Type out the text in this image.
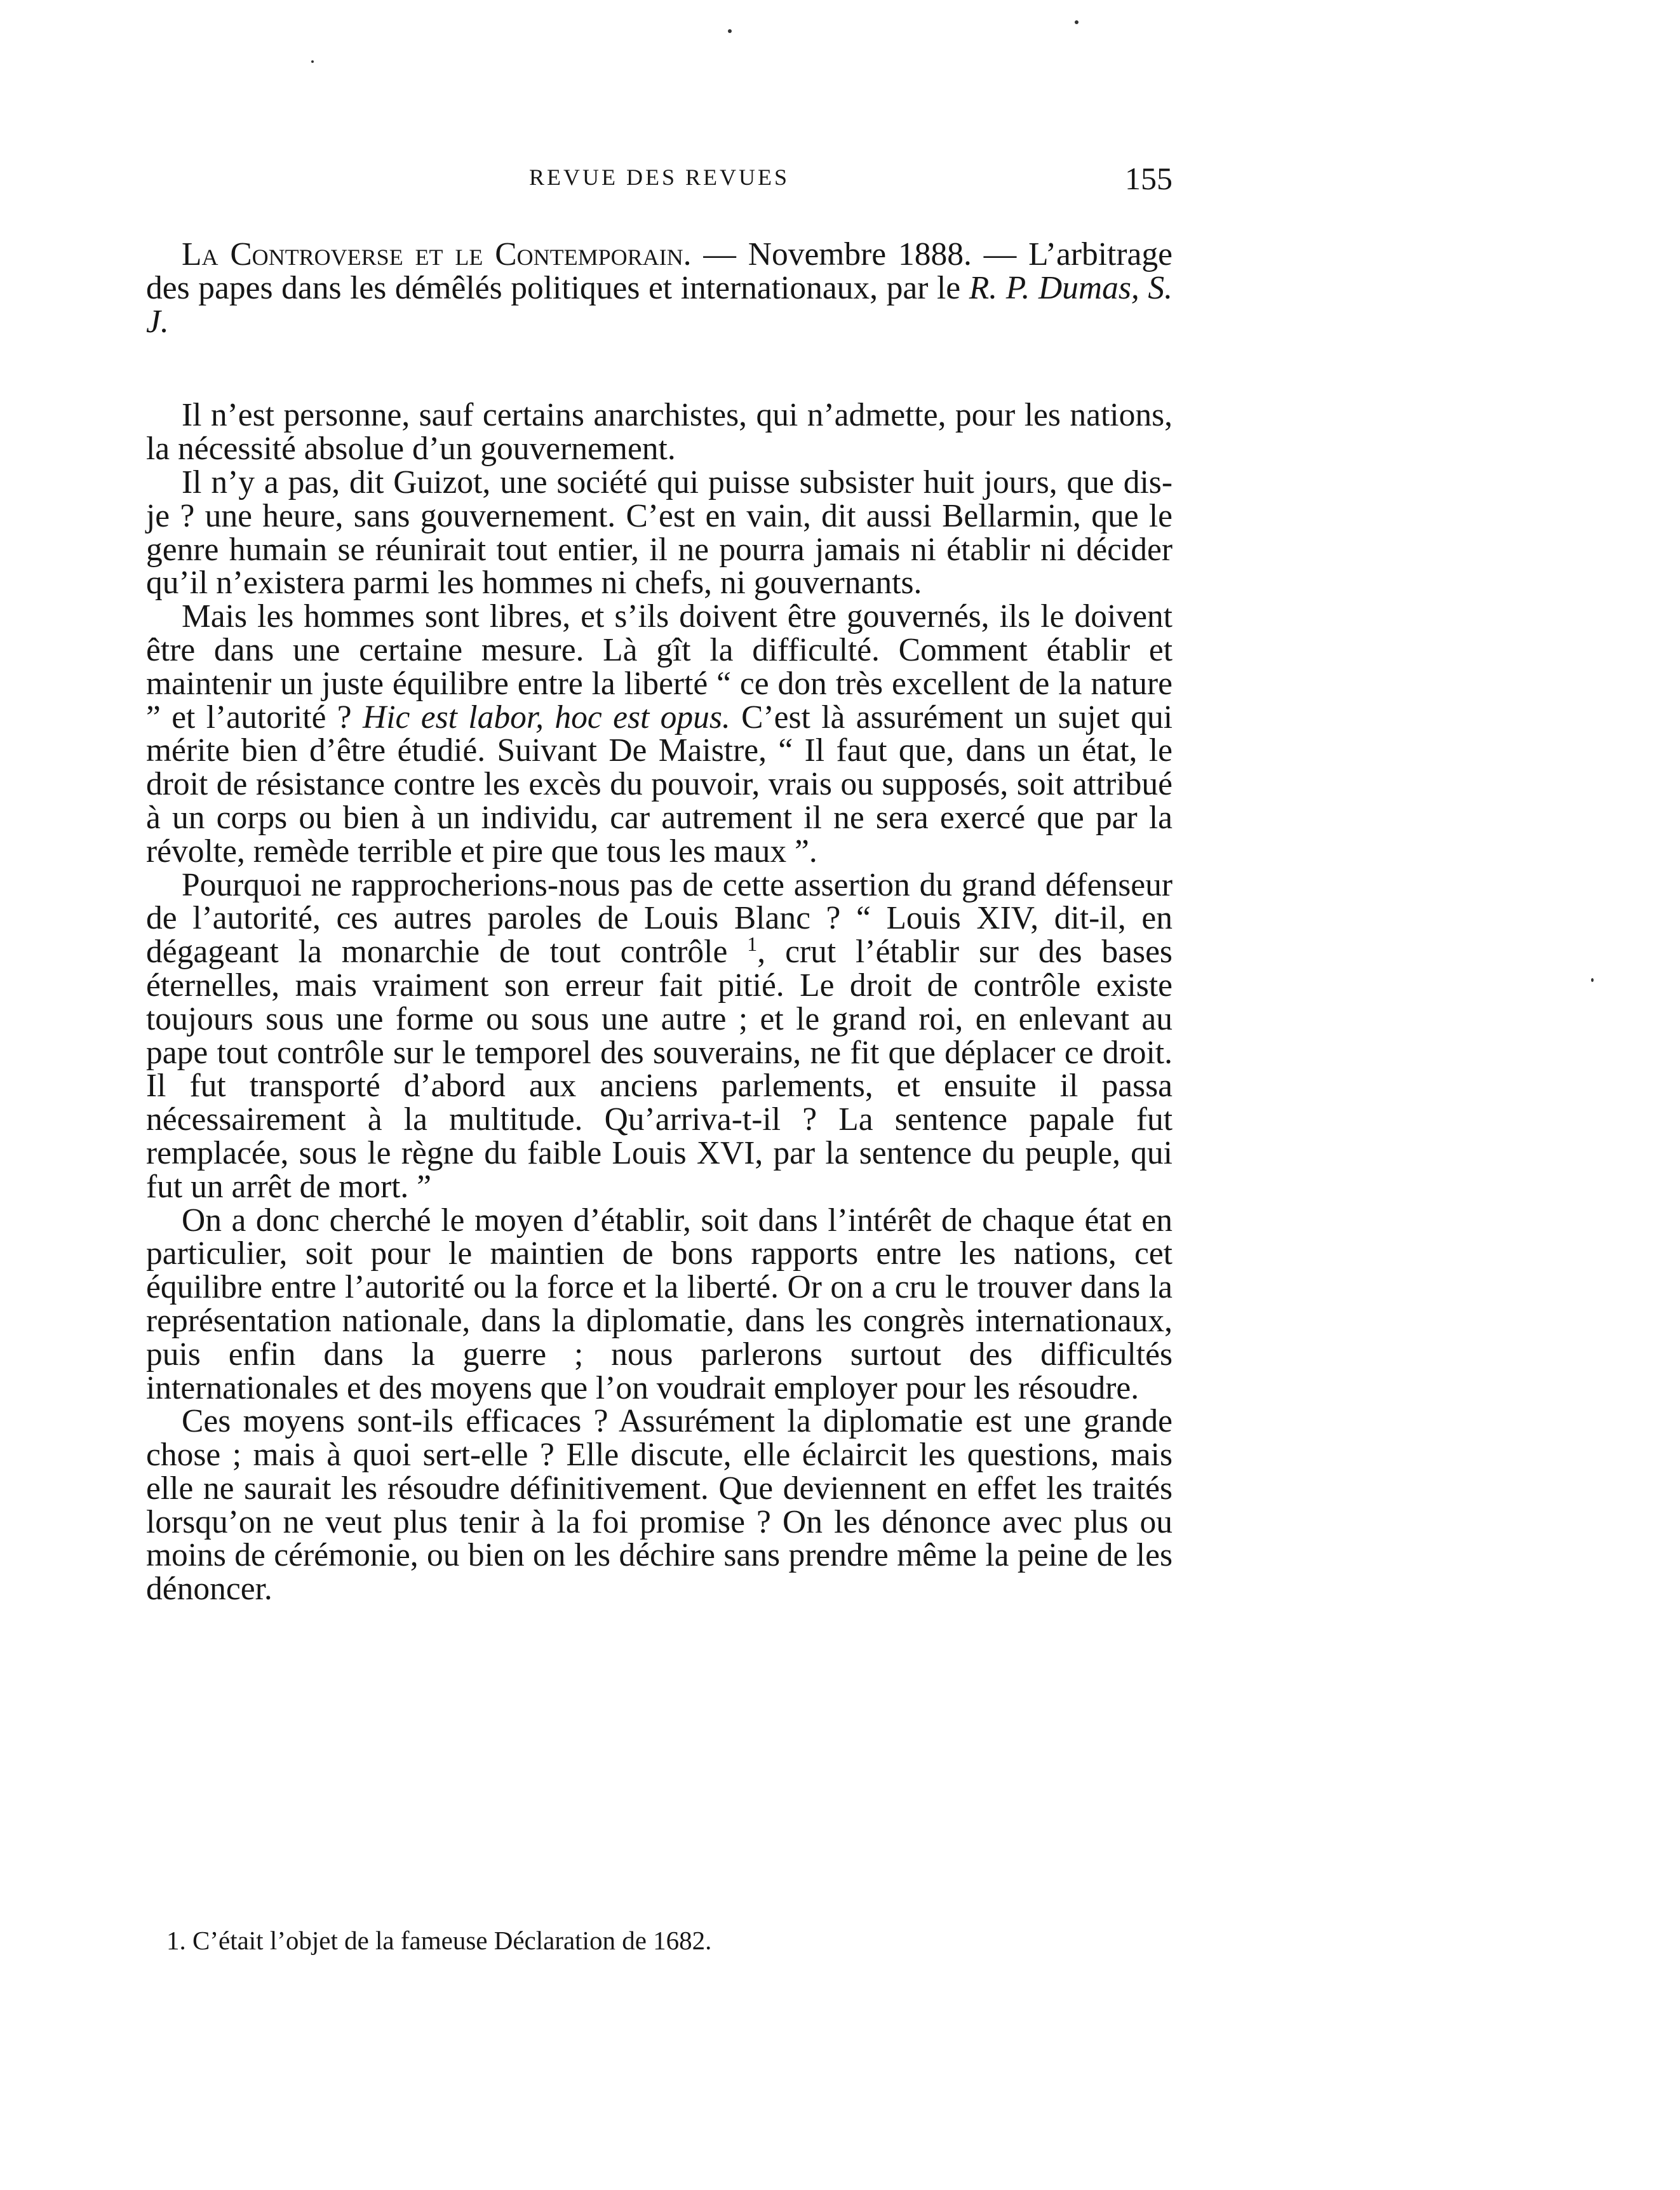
REVUE DES REVUES	155

La Controverse et le Contemporain. — Novembre 1888. — L’arbitrage des papes dans les démêlés politiques et internationaux, par le R. P. Dumas, S. J.

Il n’est personne, sauf certains anarchistes, qui n’admette, pour les nations, la nécessité absolue d’un gouvernement.

Il n’y a pas, dit Guizot, une société qui puisse subsister huit jours, que dis-je ? une heure, sans gouvernement. C’est en vain, dit aussi Bellarmin, que le genre humain se réunirait tout entier, il ne pourra jamais ni établir ni décider qu’il n’existera parmi les hommes ni chefs, ni gouvernants.

Mais les hommes sont libres, et s’ils doivent être gouvernés, ils le doivent être dans une certaine mesure. Là gît la difficulté. Comment établir et maintenir un juste équilibre entre la liberté “ ce don très excellent de la nature ” et l’autorité ? Hic est labor, hoc est opus. C’est là assurément un sujet qui mérite bien d’être étudié. Suivant De Maistre, “ Il faut que, dans un état, le droit de résistance contre les excès du pouvoir, vrais ou supposés, soit attribué à un corps ou bien à un individu, car autrement il ne sera exercé que par la révolte, remède terrible et pire que tous les maux ”.

Pourquoi ne rapprocherions-nous pas de cette assertion du grand défenseur de l’autorité, ces autres paroles de Louis Blanc ? “ Louis XIV, dit-il, en dégageant la monarchie de tout contrôle $^1$, crut l’établir sur des bases éternelles, mais vraiment son erreur fait pitié. Le droit de contrôle existe toujours sous une forme ou sous une autre ; et le grand roi, en enlevant au pape tout contrôle sur le temporel des souverains, ne fit que déplacer ce droit. Il fut transporté d’abord aux anciens parlements, et ensuite il passa nécessairement à la multitude. Qu’arriva-t-il ? La sentence papale fut remplacée, sous le règne du faible Louis XVI, par la sentence du peuple, qui fut un arrêt de mort. ”

On a donc cherché le moyen d’établir, soit dans l’intérêt de chaque état en particulier, soit pour le maintien de bons rapports entre les nations, cet équilibre entre l’autorité ou la force et la liberté. Or on a cru le trouver dans la représentation nationale, dans la diplomatie, dans les congrès internationaux, puis enfin dans la guerre ; nous parlerons surtout des difficultés internationales et des moyens que l’on voudrait employer pour les résoudre.

Ces moyens sont-ils efficaces ? Assurément la diplomatie est une grande chose ; mais à quoi sert-elle ? Elle discute, elle éclaircit les questions, mais elle ne saurait les résoudre définitivement. Que deviennent en effet les traités lorsqu’on ne veut plus tenir à la foi promise ? On les dénonce avec plus ou moins de cérémonie, ou bien on les déchire sans prendre même la peine de les dénoncer.

1. C’était l’objet de la fameuse Déclaration de 1682.
